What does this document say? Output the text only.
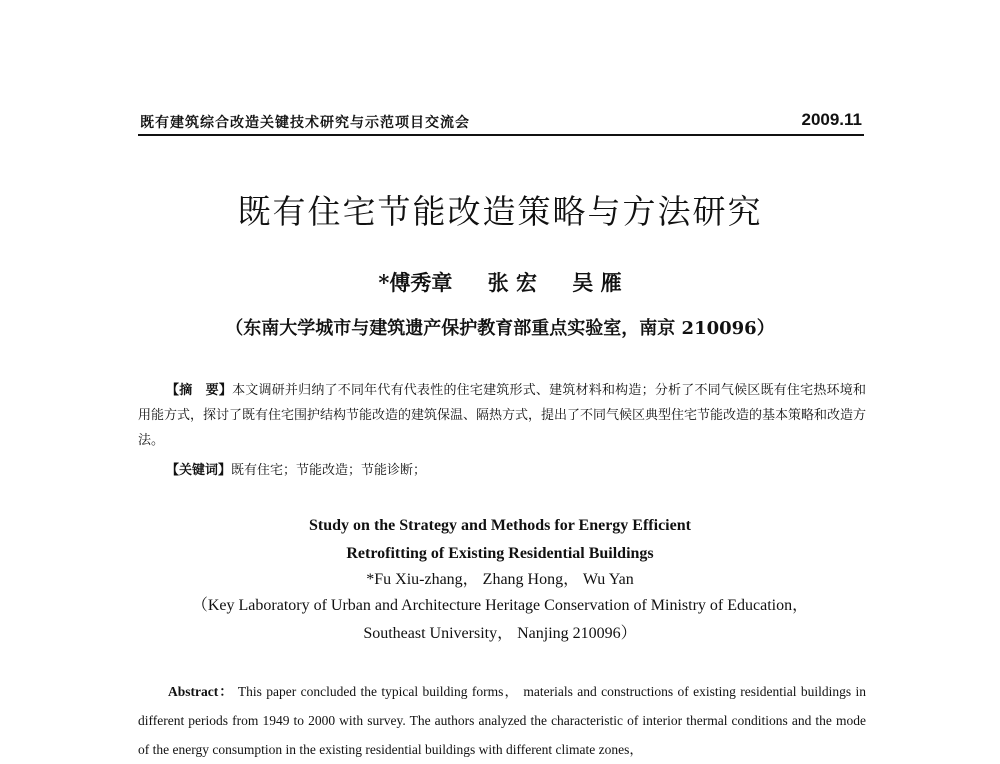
既有建筑综合改造关键技术研究与示范项目交流会	2009.11
既有住宅节能改造策略与方法研究
*傅秀章 张 宏 吴 雁
（东南大学城市与建筑遗产保护教育部重点实验室，南京 210096）
【摘　要】本文调研并归纳了不同年代有代表性的住宅建筑形式、建筑材料和构造；分析了不同气候区既有住宅热环境和用能方式，探讨了既有住宅围护结构节能改造的建筑保温、隔热方式，提出了不同气候区典型住宅节能改造的基本策略和改造方法。
【关键词】既有住宅；节能改造；节能诊断；
Study on the Strategy and Methods for Energy Efficient
Retrofitting of Existing Residential Buildings
*Fu Xiu-zhang， Zhang Hong， Wu Yan
（Key Laboratory of Urban and Architecture Heritage Conservation of Ministry of Education，
Southeast University， Nanjing 210096）
Abstract： This paper concluded the typical building forms， materials and constructions of existing residential buildings in different periods from 1949 to 2000 with survey. The authors analyzed the characteristic of interior thermal conditions and the mode of the energy consumption in the existing residential buildings with different climate zones，
